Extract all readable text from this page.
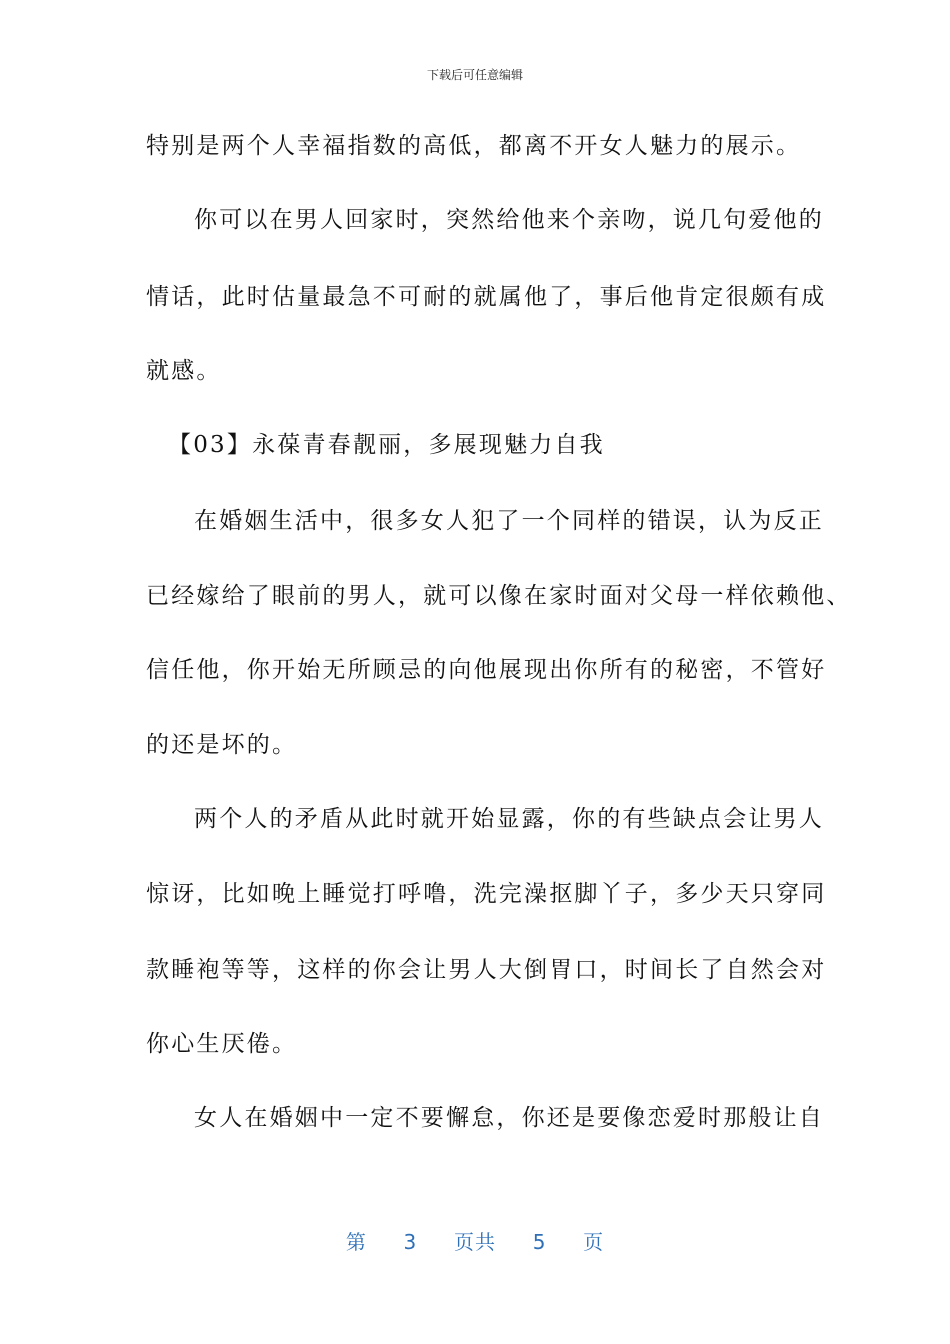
下载后可任意编辑
特别是两个人幸福指数的高低，都离不开女人魅力的展示。
你可以在男人回家时，突然给他来个亲吻，说几句爱他的
情话，此时估量最急不可耐的就属他了，事后他肯定很颇有成
就感。
【03】永葆青春靓丽，多展现魅力自我
在婚姻生活中，很多女人犯了一个同样的错误，认为反正
已经嫁给了眼前的男人，就可以像在家时面对父母一样依赖他、
信任他，你开始无所顾忌的向他展现出你所有的秘密，不管好
的还是坏的。
两个人的矛盾从此时就开始显露，你的有些缺点会让男人
惊讶，比如晚上睡觉打呼噜，洗完澡抠脚丫子，多少天只穿同
款睡袍等等，这样的你会让男人大倒胃口，时间长了自然会对
你心生厌倦。
女人在婚姻中一定不要懈怠，你还是要像恋爱时那般让自
第 3 页共 5 页
